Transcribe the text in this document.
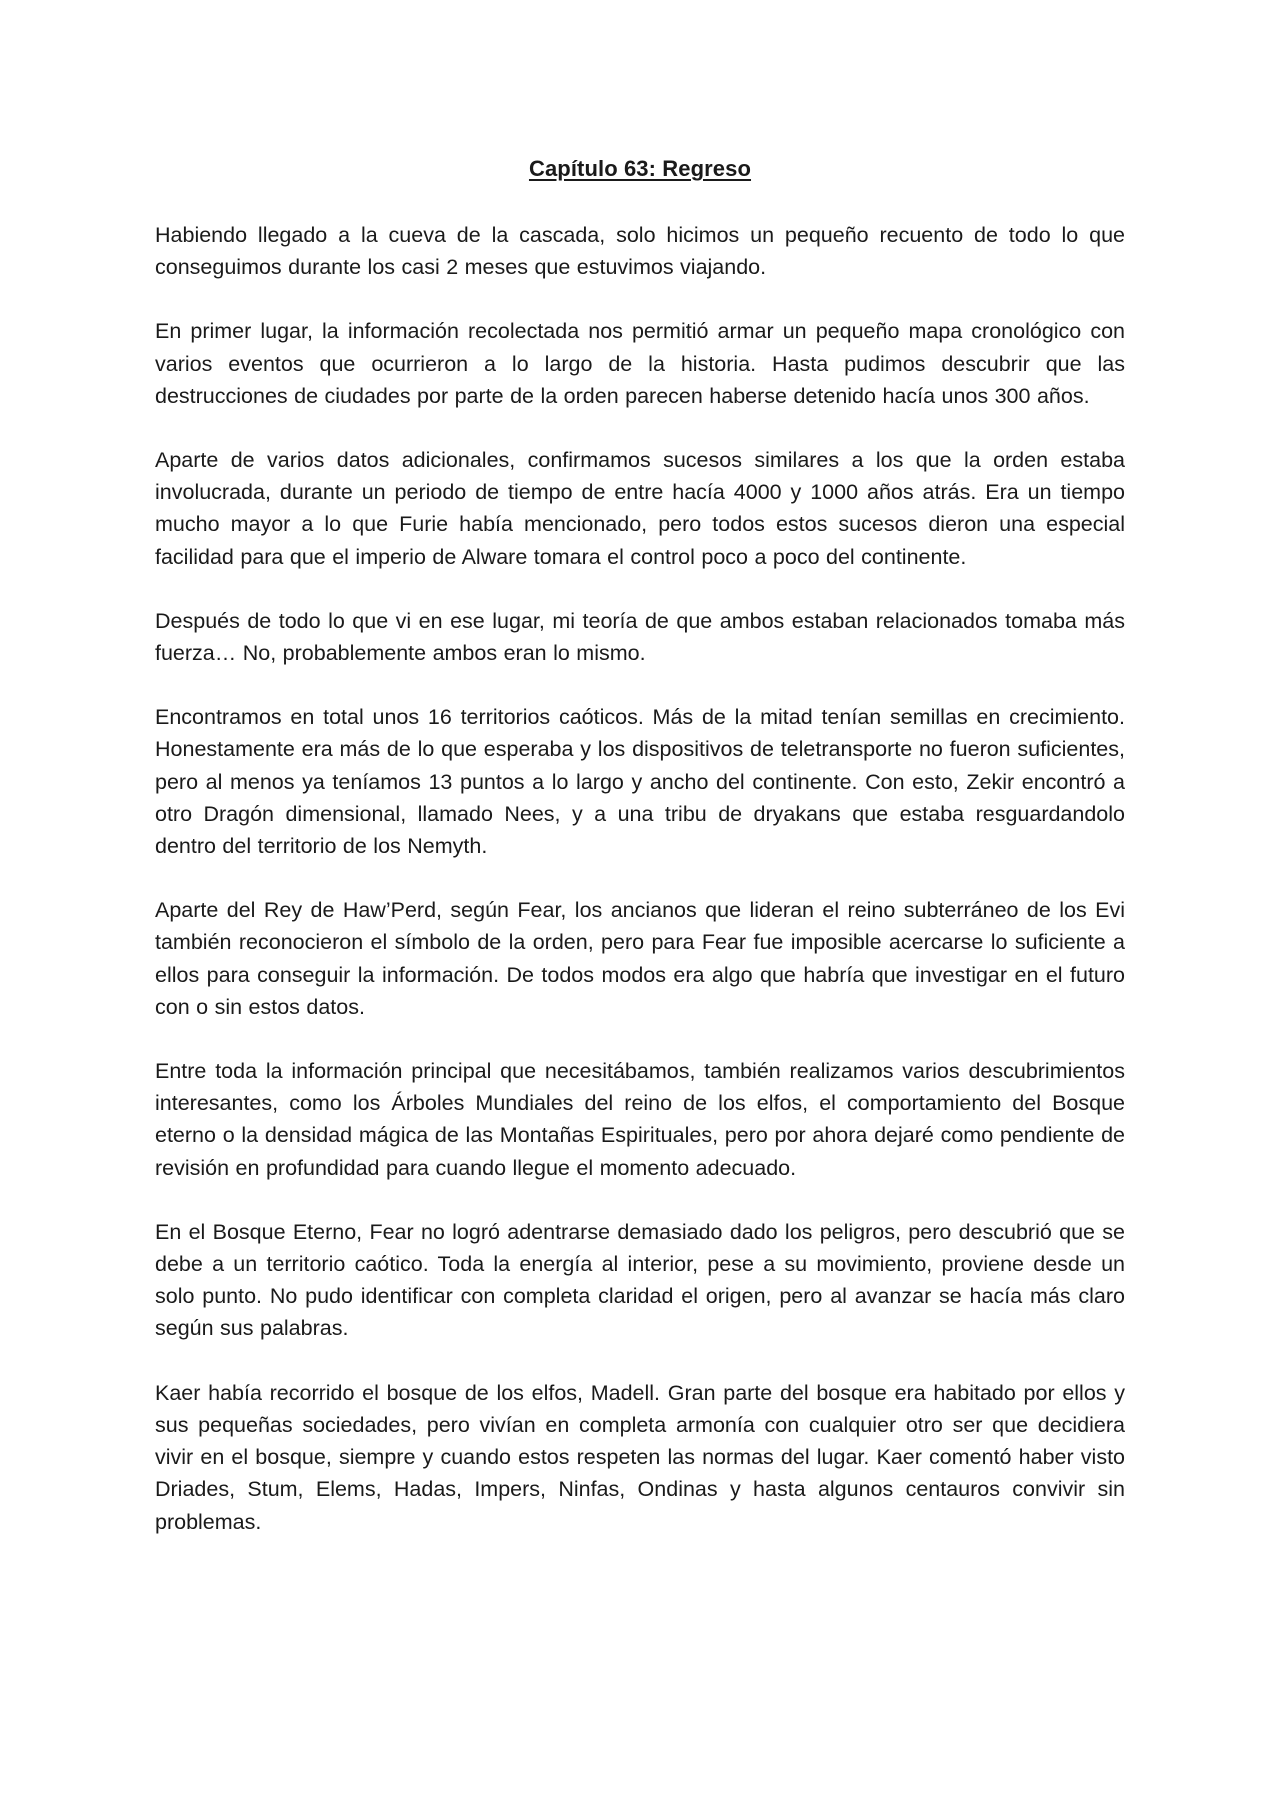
Capítulo 63: Regreso

Habiendo llegado a la cueva de la cascada, solo hicimos un pequeño recuento de todo lo que conseguimos durante los casi 2 meses que estuvimos viajando.

En primer lugar, la información recolectada nos permitió armar un pequeño mapa cronológico con varios eventos que ocurrieron a lo largo de la historia. Hasta pudimos descubrir que las destrucciones de ciudades por parte de la orden parecen haberse detenido hacía unos 300 años.

Aparte de varios datos adicionales, confirmamos sucesos similares a los que la orden estaba involucrada, durante un periodo de tiempo de entre hacía 4000 y 1000 años atrás. Era un tiempo mucho mayor a lo que Furie había mencionado, pero todos estos sucesos dieron una especial facilidad para que el imperio de Alware tomara el control poco a poco del continente.

Después de todo lo que vi en ese lugar, mi teoría de que ambos estaban relacionados tomaba más fuerza… No, probablemente ambos eran lo mismo.

Encontramos en total unos 16 territorios caóticos. Más de la mitad tenían semillas en crecimiento. Honestamente era más de lo que esperaba y los dispositivos de teletransporte no fueron suficientes, pero al menos ya teníamos 13 puntos a lo largo y ancho del continente. Con esto, Zekir encontró a otro Dragón dimensional, llamado Nees, y a una tribu de dryakans que estaba resguardandolo dentro del territorio de los Nemyth.

Aparte del Rey de Haw’Perd, según Fear, los ancianos que lideran el reino subterráneo de los Evi también reconocieron el símbolo de la orden, pero para Fear fue imposible acercarse lo suficiente a ellos para conseguir la información. De todos modos era algo que habría que investigar en el futuro con o sin estos datos.

Entre toda la información principal que necesitábamos, también realizamos varios descubrimientos interesantes, como los Árboles Mundiales del reino de los elfos, el comportamiento del Bosque eterno o la densidad mágica de las Montañas Espirituales, pero por ahora dejaré como pendiente de revisión en profundidad para cuando llegue el momento adecuado.

En el Bosque Eterno, Fear no logró adentrarse demasiado dado los peligros, pero descubrió que se debe a un territorio caótico. Toda la energía al interior, pese a su movimiento, proviene desde un solo punto. No pudo identificar con completa claridad el origen, pero al avanzar se hacía más claro según sus palabras.

Kaer había recorrido el bosque de los elfos, Madell. Gran parte del bosque era habitado por ellos y sus pequeñas sociedades, pero vivían en completa armonía con cualquier otro ser que decidiera vivir en el bosque, siempre y cuando estos respeten las normas del lugar. Kaer comentó haber visto Driades, Stum, Elems, Hadas, Impers, Ninfas, Ondinas y hasta algunos centauros convivir sin problemas.
